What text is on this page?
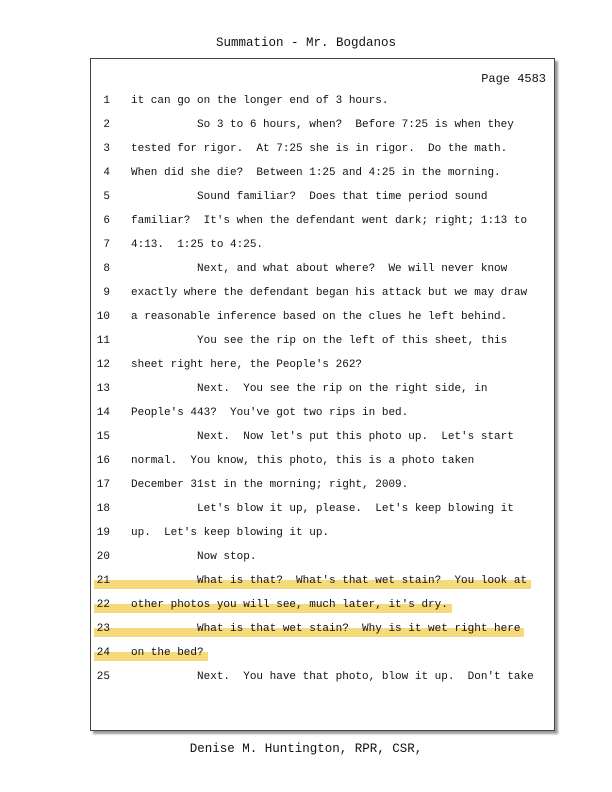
Summation - Mr. Bogdanos
Page 4583
1 it can go on the longer end of 3 hours.
2 So 3 to 6 hours, when?  Before 7:25 is when they
3 tested for rigor.  At 7:25 she is in rigor.  Do the math.
4 When did she die?  Between 1:25 and 4:25 in the morning.
5 Sound familiar?  Does that time period sound
6 familiar?  It's when the defendant went dark; right; 1:13 to
7 4:13.  1:25 to 4:25.
8 Next, and what about where?  We will never know
9 exactly where the defendant began his attack but we may draw
10 a reasonable inference based on the clues he left behind.
11 You see the rip on the left of this sheet, this
12 sheet right here, the People's 262?
13 Next.  You see the rip on the right side, in
14 People's 443?  You've got two rips in bed.
15 Next.  Now let's put this photo up.  Let's start
16 normal.  You know, this photo, this is a photo taken
17 December 31st in the morning; right, 2009.
18 Let's blow it up, please.  Let's keep blowing it
19 up.  Let's keep blowing it up.
20 Now stop.
21 What is that?  What's that wet stain?  You look at
22 other photos you will see, much later, it's dry.
23 What is that wet stain?  Why is it wet right here
24 on the bed?
25 Next.  You have that photo, blow it up.  Don't take
Denise M. Huntington, RPR, CSR,
